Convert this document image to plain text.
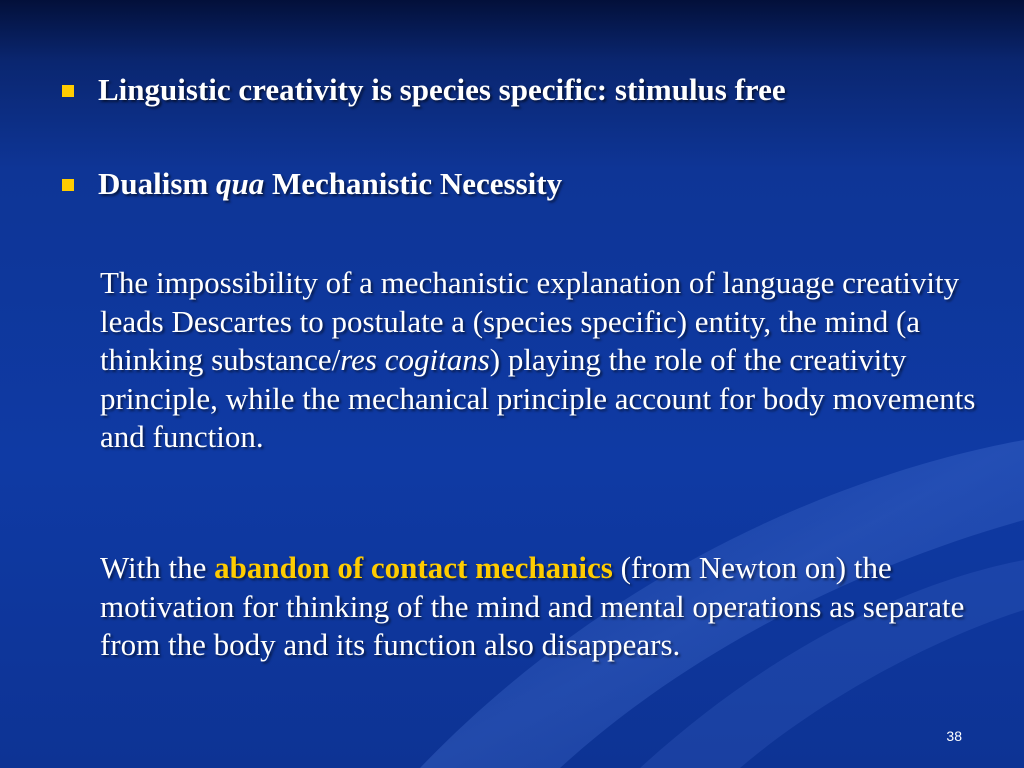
Linguistic creativity is species specific: stimulus free
Dualism qua Mechanistic Necessity
The impossibility of a mechanistic explanation of language creativity leads Descartes to postulate a (species specific) entity, the mind (a thinking substance/res cogitans) playing the role of the creativity principle, while the mechanical principle account for body movements and function.
With the abandon of contact mechanics (from Newton on) the motivation for thinking of the mind and mental operations as separate from the body and its function also disappears.
38
